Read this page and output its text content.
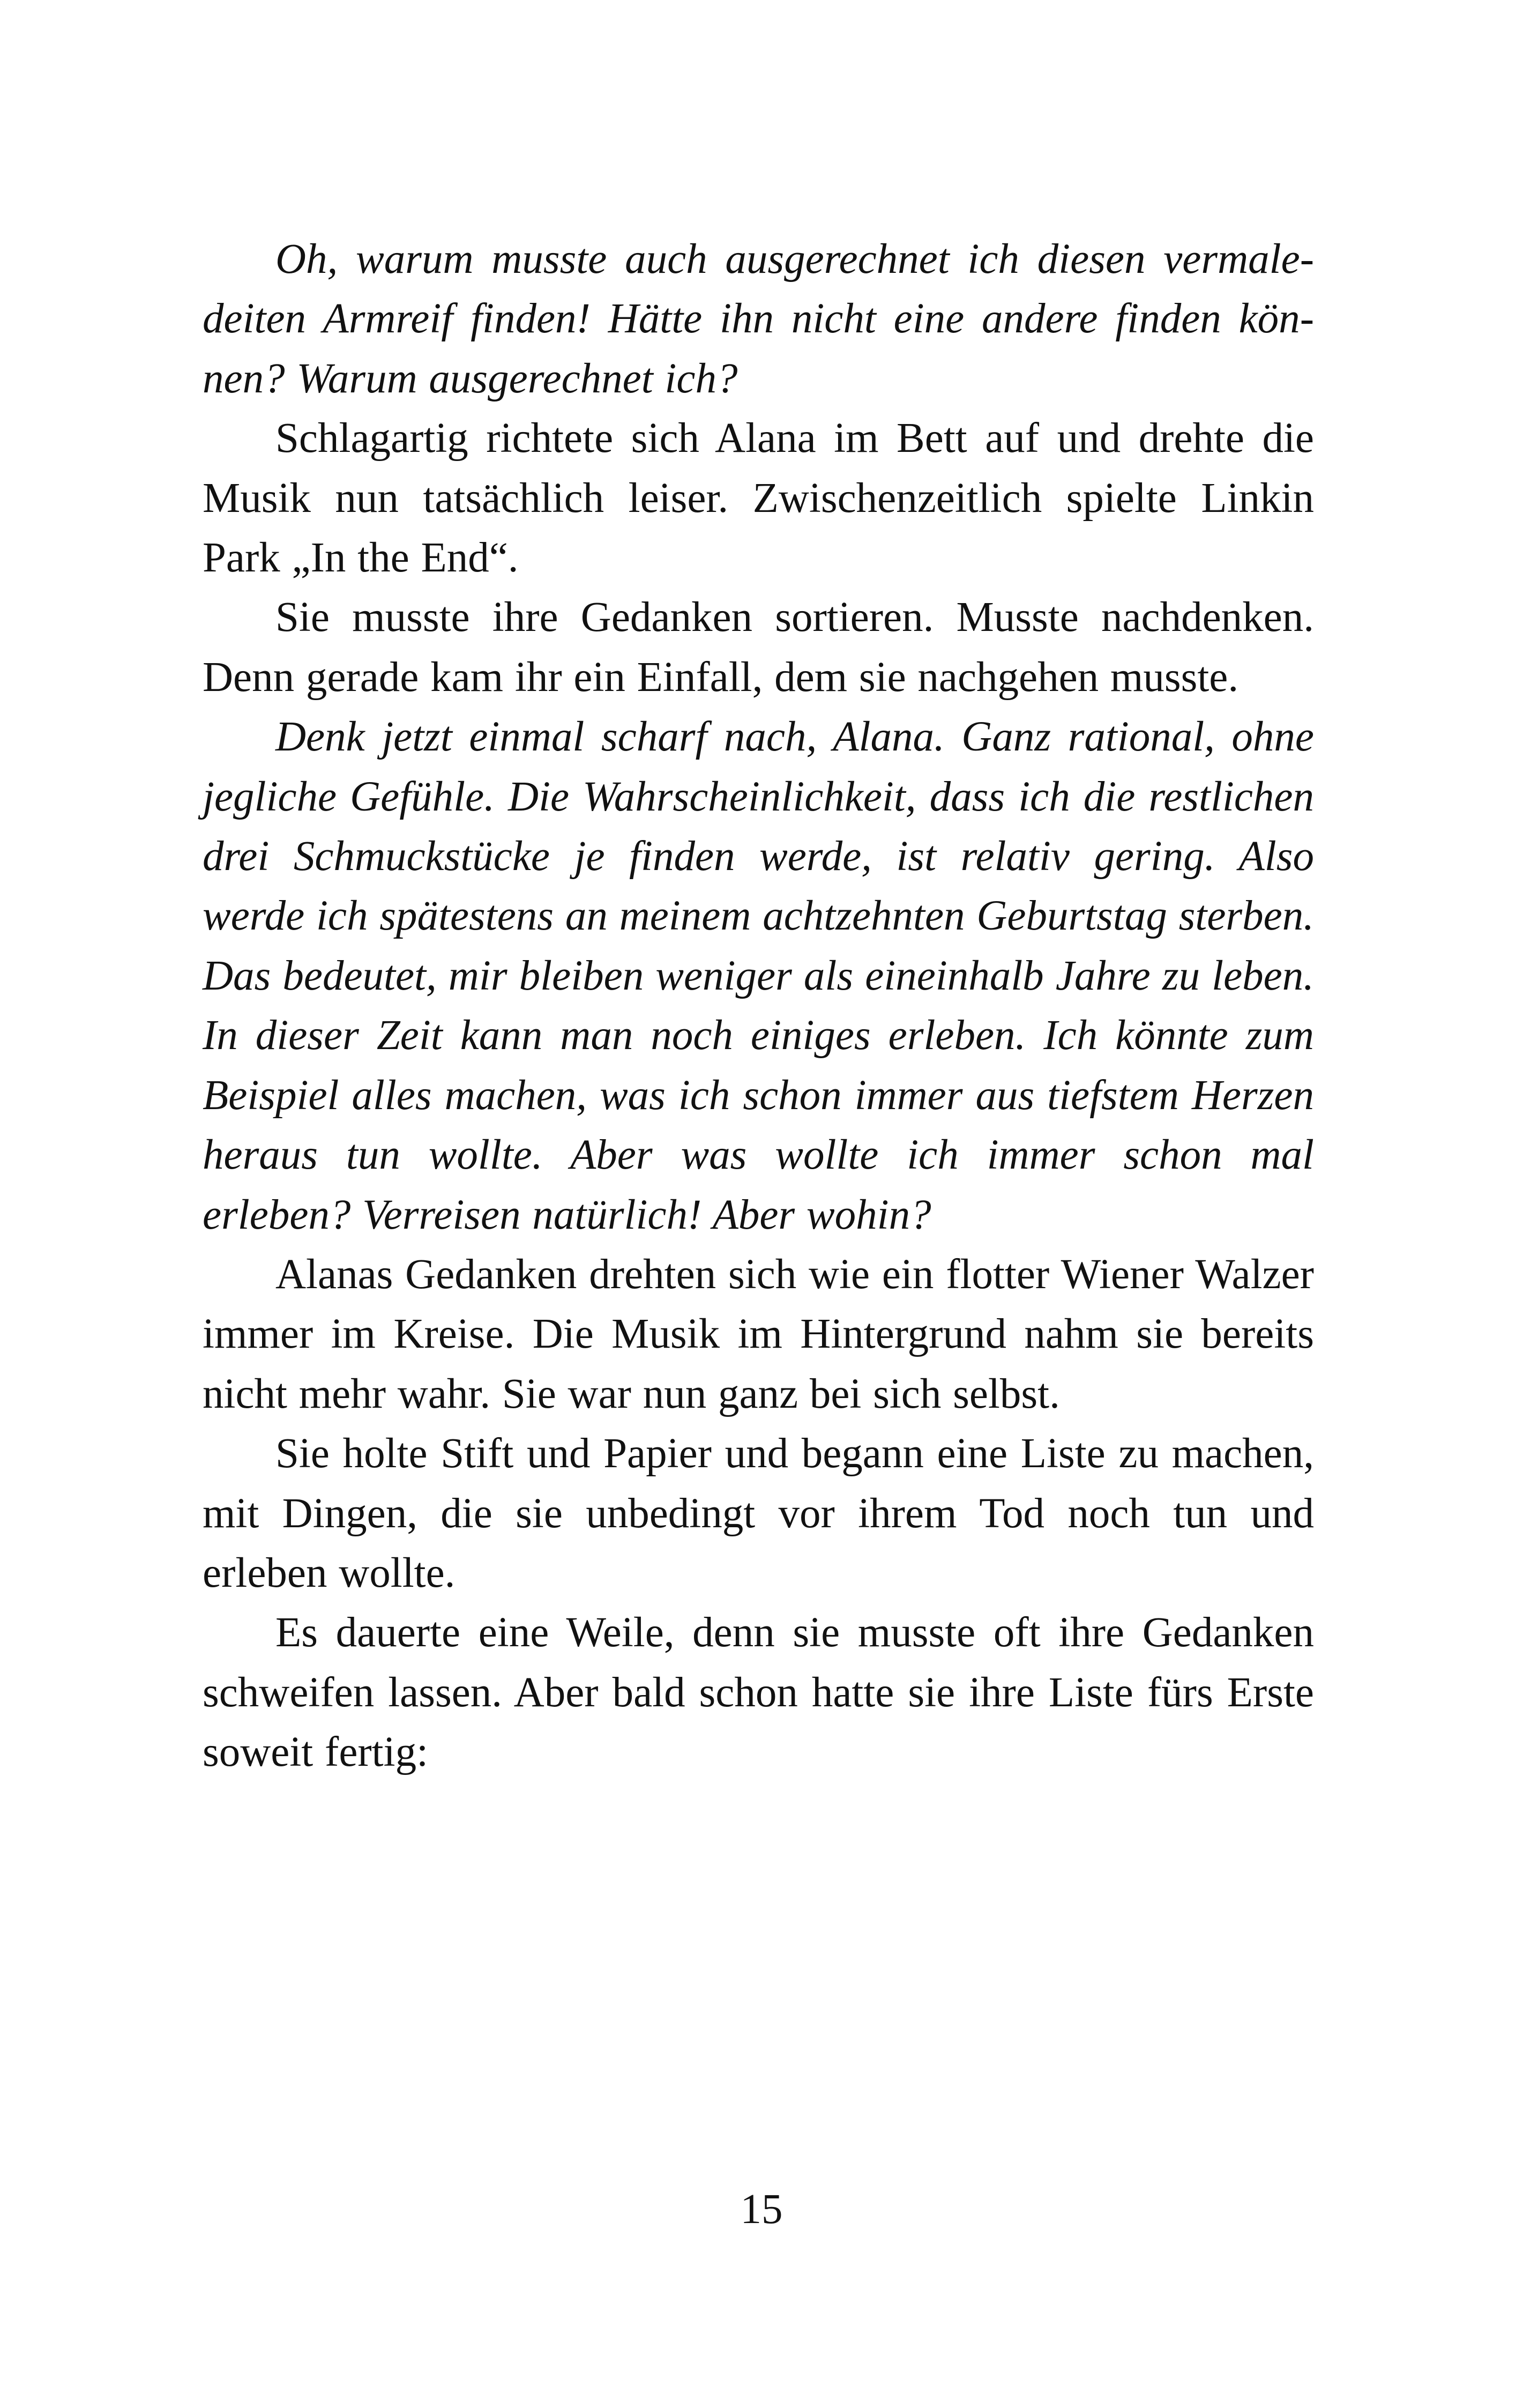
Oh, warum musste auch ausgerechnet ich diesen vermaledeiten Armreif finden! Hätte ihn nicht eine andere finden können? Warum ausgerechnet ich?

Schlagartig richtete sich Alana im Bett auf und drehte die Musik nun tatsächlich leiser. Zwischenzeitlich spielte Linkin Park „In the End“.

Sie musste ihre Gedanken sortieren. Musste nachdenken. Denn gerade kam ihr ein Einfall, dem sie nachgehen musste.

Denk jetzt einmal scharf nach, Alana. Ganz rational, ohne jegliche Gefühle. Die Wahrscheinlichkeit, dass ich die restlichen drei Schmuckstücke je finden werde, ist relativ gering. Also werde ich spätestens an meinem achtzehnten Geburtstag sterben. Das bedeutet, mir bleiben weniger als eineinhalb Jahre zu leben. In dieser Zeit kann man noch einiges erleben. Ich könnte zum Beispiel alles machen, was ich schon immer aus tiefstem Herzen heraus tun wollte. Aber was wollte ich immer schon mal erleben? Verreisen natürlich! Aber wohin?

Alanas Gedanken drehten sich wie ein flotter Wiener Walzer immer im Kreise. Die Musik im Hintergrund nahm sie bereits nicht mehr wahr. Sie war nun ganz bei sich selbst.

Sie holte Stift und Papier und begann eine Liste zu machen, mit Dingen, die sie unbedingt vor ihrem Tod noch tun und erleben wollte.

Es dauerte eine Weile, denn sie musste oft ihre Gedanken schweifen lassen. Aber bald schon hatte sie ihre Liste fürs Erste soweit fertig:

15
